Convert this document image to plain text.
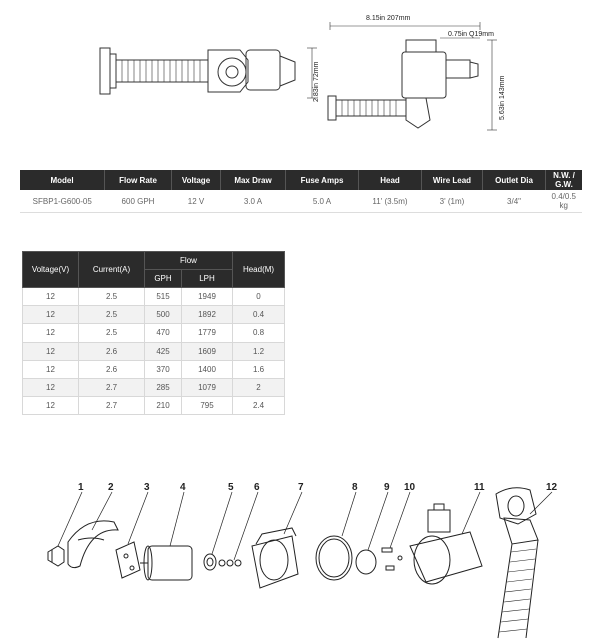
2.83in 72mm
8.15in 207mm
0.75in Q19mm
5.63in 143mm
Model	Flow Rate	Voltage	Max Draw	Fuse Amps	Head	Wire Lead	Outlet Dia	N.W. / G.W.
SFBP1-G600-05	600 GPH	12 V	3.0 A	5.0 A	11' (3.5m)	3' (1m)	3/4"	0.4/0.5 kg
Voltage(V)	Current(A)	Flow		Head(M)
		GPH	LPH	
12	2.5	515	1949	0
12	2.5	500	1892	0.4
12	2.5	470	1779	0.8
12	2.6	425	1609	1.2
12	2.6	370	1400	1.6
12	2.7	285	1079	2
12	2.7	210	795	2.4
1 2	3	4	5 6	7	8	9 10	11	12
